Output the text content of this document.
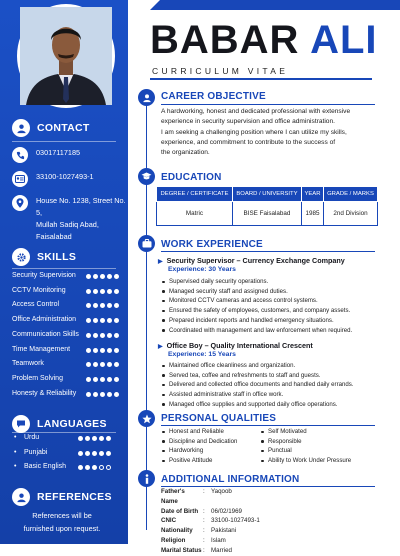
CONTACT
03017117185
33100-1027493-1
House No. 1238, Street No. 5,
Mullah Sadiq Abad,
Faisalabad
SKILLS
Security Supervision
CCTV Monitoring
Access Control
Office Administration
Communication Skills
Time Management
Teamwork
Problem Solving
Honesty & Reliability
LANGUAGES
• Urdu
• Punjabi
• Basic English
REFERENCES
References will be
furnished upon request.
BABAR ALI
CURRICULUM VITAE
CAREER OBJECTIVE
A hardworking, honest and dedicated professional with extensive
experience in security supervision and office administration.
I am seeking a challenging position where I can utilize my skills,
experience, and commitment to contribute to the success of
the organization.
EDUCATION
DEGREE / CERTIFICATE	BOARD / UNIVERSITY	YEAR	GRADE / MARKS
Matric	BISE Faisalabad	1985	2nd Division
WORK EXPERIENCE
▶ Security Supervisor – Currency Exchange Company
Experience: 30 Years
Supervised daily security operations.
Managed security staff and assigned duties.
Monitored CCTV cameras and access control systems.
Ensured the safety of employees, customers, and company assets.
Prepared incident reports and handled emergency situations.
Coordinated with management and law enforcement when required.
▶ Office Boy – Quality International Crescent
Experience: 15 Years
Maintained office cleanliness and organization.
Served tea, coffee and refreshments to staff and guests.
Delivered and collected office documents and handled daily errands.
Assisted administrative staff in office work.
Managed office supplies and supported daily office operations.
PERSONAL QUALITIES
Honest and Reliable
Discipline and Dedication
Hardworking
Positive Attitude
Self Motivated
Responsible
Punctual
Ability to Work Under Pressure
ADDITIONAL INFORMATION
Father's Name
:	Yaqoob
Date of Birth :	06/02/1969
CNIC	:	33100-1027493-1
Nationality	:	Pakistani
Religion	:	Islam
Marital Status :	Married
